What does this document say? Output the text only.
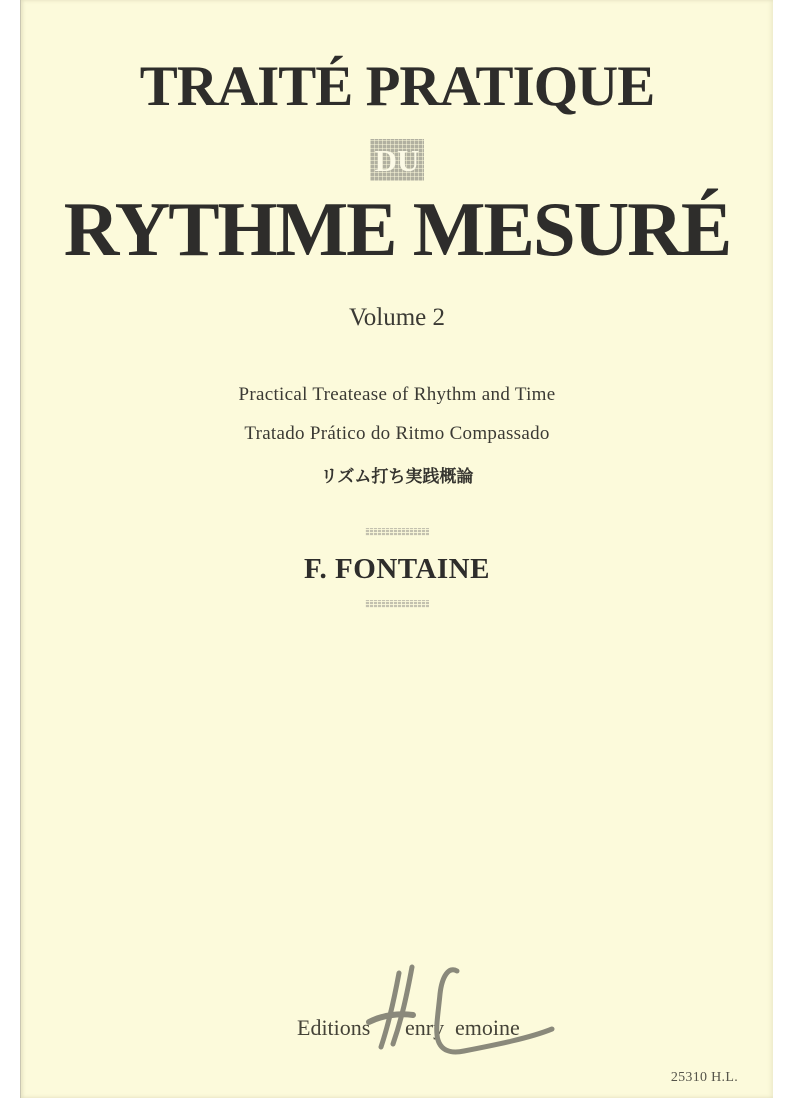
TRAITÉ PRATIQUE
DU
RYTHME MESURÉ
Volume 2
Practical Treatease of Rhythm and Time
Tratado Prático do Ritmo Compassado
リズム打ち実践概論
F. FONTAINE
Editions enry emoine
25310 H.L.
